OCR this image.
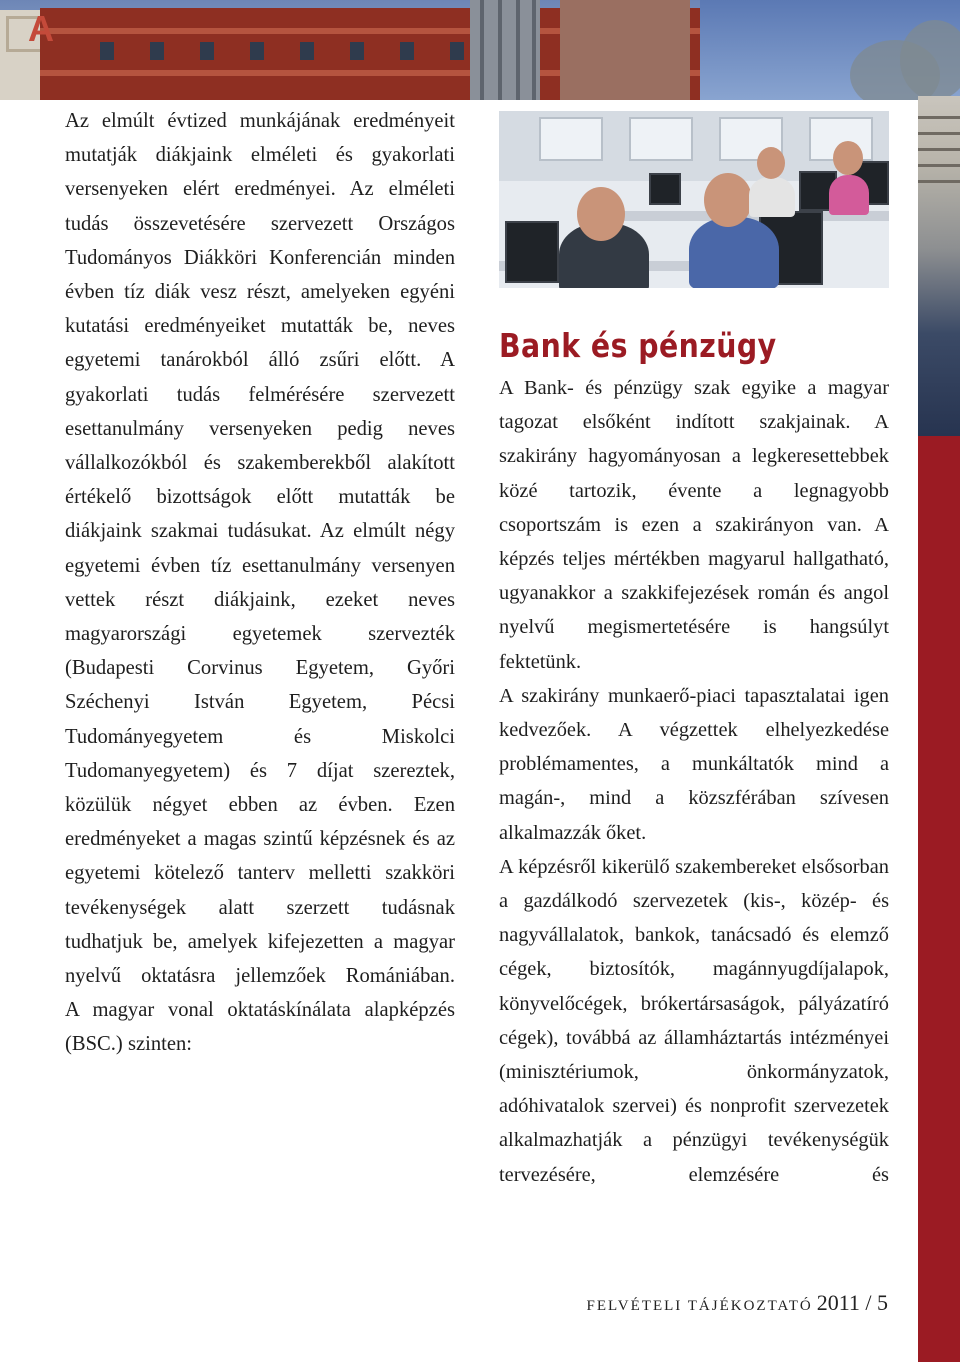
A

Az elmúlt évtized munkájának eredményeit mutatják diákjaink elméleti és gyakorlati versenyeken elért eredményei. Az elméleti tudás összevetésére szervezett Országos Tudományos Diákköri Konferencián minden évben tíz diák vesz részt, amelyeken egyéni kutatási eredményeiket mutatták be, neves egyetemi tanárokból álló zsűri előtt. A gyakorlati tudás felmérésére szervezett esettanulmány versenyeken pedig neves vállalkozókból és szakemberekből alakított értékelő bizottságok előtt mutatták be diákjaink szakmai tudásukat. Az elmúlt négy egyetemi évben tíz esettanulmány versenyen vettek részt diákjaink, ezeket neves magyarországi egyetemek szervezték (Budapesti Corvinus Egyetem, Győri Széchenyi István Egyetem, Pécsi Tudományegyetem és Miskolci Tudomanyegyetem) és 7 díjat szereztek, közülük négyet ebben az évben. Ezen eredményeket a magas szintű képzésnek és az egyetemi kötelező tanterv melletti szakköri tevékenységek alatt szerzett tudásnak tudhatjuk be, amelyek kifejezetten a magyar nyelvű oktatásra jellemzőek Romániában.

A magyar vonal oktatáskínálata alapképzés (BSC.) szinten:

Bank és pénzügy

A Bank- és pénzügy szak egyike a magyar tagozat elsőként indított szakjainak. A szakirány hagyományosan a legkeresettebbek közé tartozik, évente a legnagyobb csoportszám is ezen a szakirányon van. A képzés teljes mértékben magyarul hallgatható, ugyanakkor a szakkifejezések román és angol nyelvű megismertetésére is hangsúlyt fektetünk.

A szakirány munkaerő-piaci tapasztalatai igen kedvezőek. A végzettek elhelyezkedése problémamentes, a munkáltatók mind a magán-, mind a közszférában szívesen alkalmazzák őket.

A képzésről kikerülő szakembereket elsősorban a gazdálkodó szervezetek (kis-, közép- és nagyvállalatok, bankok, tanácsadó és elemző cégek, biztosítók, magánnyugdíjalapok, könyvelőcégek, brókertársaságok, pályázatíró cégek), továbbá az államháztartás intézményei (minisztériumok, önkormányzatok, adóhivatalok szervei) és nonprofit szervezetek alkalmazhatják a pénzügyi tevékenységük tervezésére, elemzésére és

FELVÉTELI TÁJÉKOZTATÓ 2011 / 5
